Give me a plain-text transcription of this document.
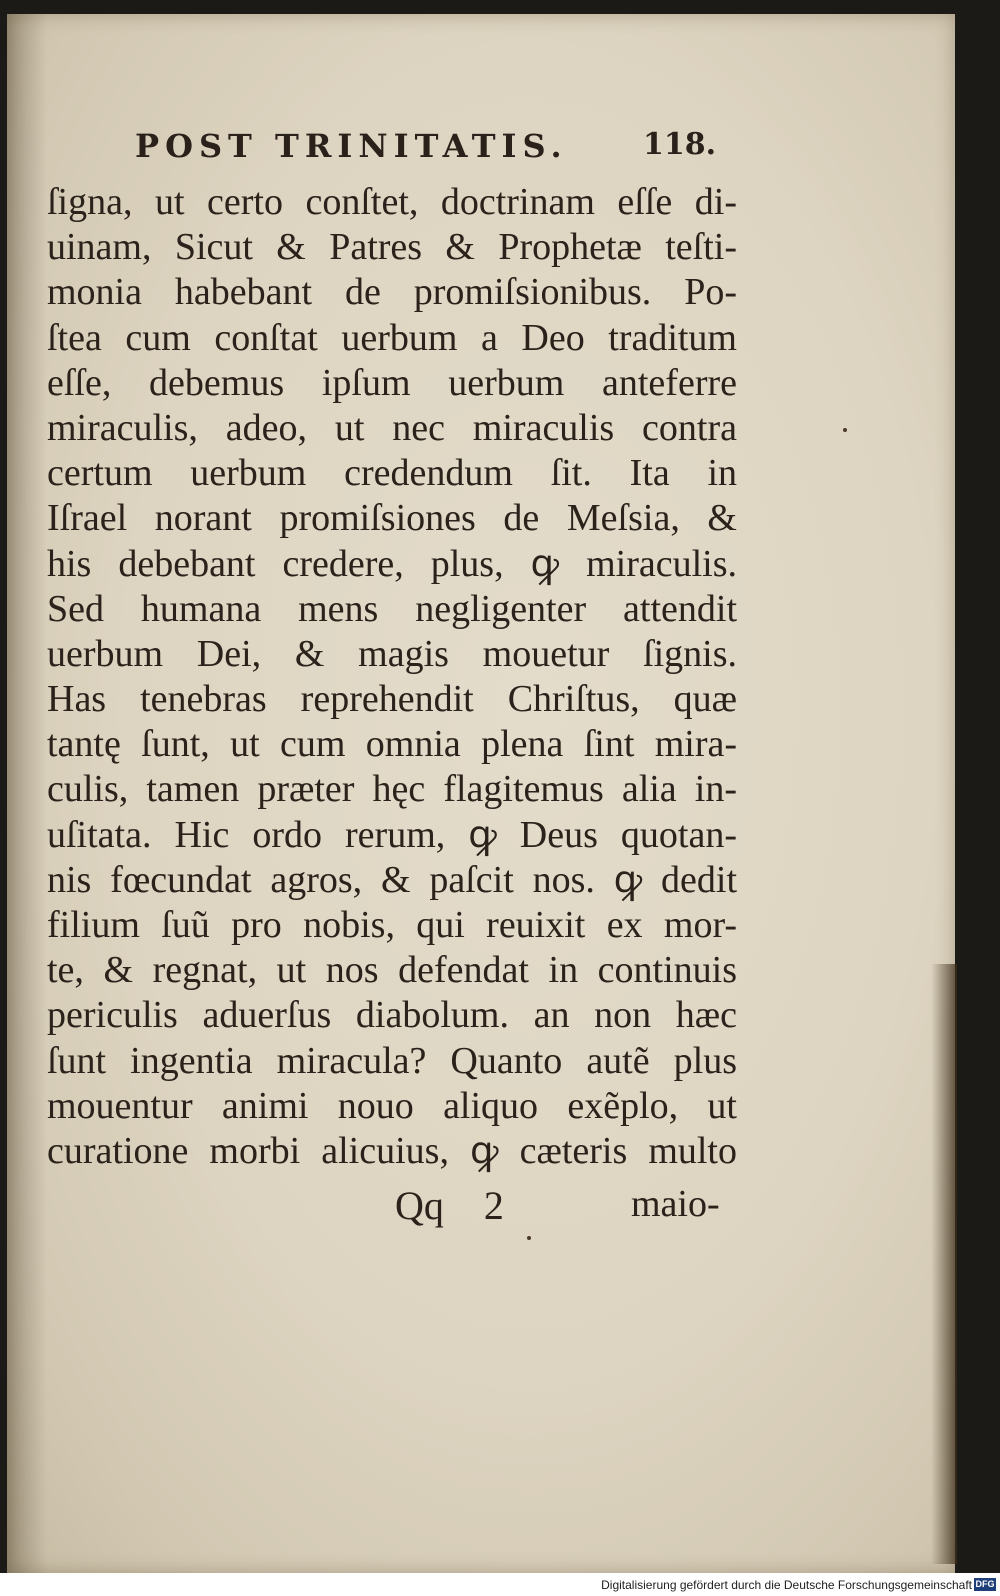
POST TRINITATIS.	118.
ſigna, ut certo conſtet, doctrinam eſſe di-
uinam, Sicut & Patres & Prophetæ teſti-
monia habebant de promiſsionibus. Po-
ſtea cum conſtat uerbum a Deo traditum
eſſe, debemus ipſum uerbum anteferre
miraculis, adeo, ut nec miraculis contra
certum uerbum credendum ſit. Ita in
Iſrael norant promiſsiones de Meſsia, &
his debebant credere, plus, ꝙ miraculis.
Sed humana mens negligenter attendit
uerbum Dei, & magis mouetur ſignis.
Has tenebras reprehendit Chriſtus, quæ
tantę ſunt, ut cum omnia plena ſint mira-
culis, tamen præter hęc flagitemus alia in-
uſitata. Hic ordo rerum, ꝙ Deus quotan-
nis fœcundat agros, & paſcit nos. ꝙ dedit
filium ſuũ pro nobis, qui reuixit ex mor-
te, & regnat, ut nos defendat in continuis
periculis aduerſus diabolum. an non hæc
ſunt ingentia miracula? Quanto autẽ plus
mouentur animi nouo aliquo exẽplo, ut
curatione morbi alicuius, ꝙ cæteris multo
Qq 2	maio-
Digitalisierung gefördert durch die Deutsche Forschungsgemeinschaft DFG
